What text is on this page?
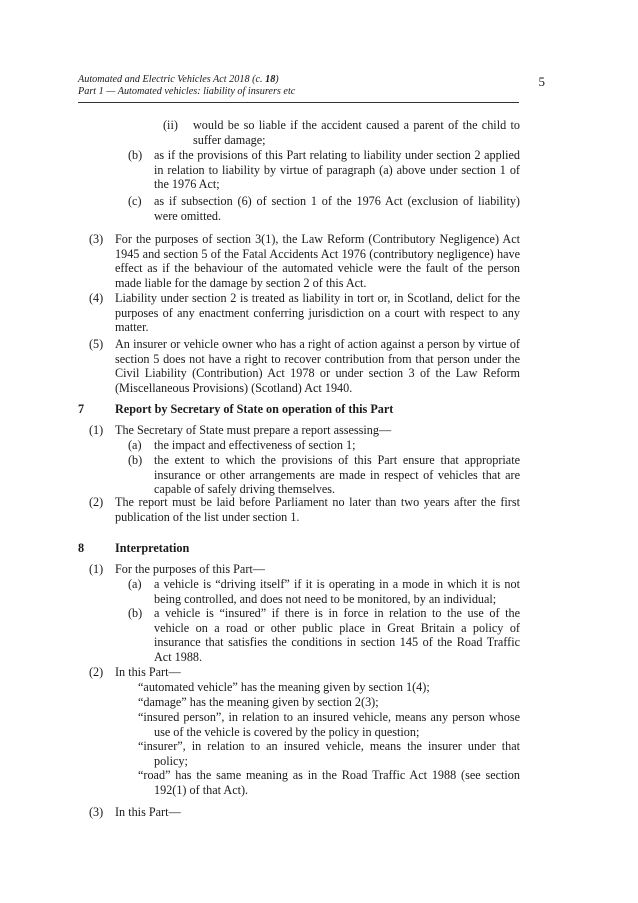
Automated and Electric Vehicles Act 2018 (c. 18)
Part 1 — Automated vehicles: liability of insurers etc
5
(ii) would be so liable if the accident caused a parent of the child to suffer damage;
(b) as if the provisions of this Part relating to liability under section 2 applied in relation to liability by virtue of paragraph (a) above under section 1 of the 1976 Act;
(c) as if subsection (6) of section 1 of the 1976 Act (exclusion of liability) were omitted.
(3) For the purposes of section 3(1), the Law Reform (Contributory Negligence) Act 1945 and section 5 of the Fatal Accidents Act 1976 (contributory negligence) have effect as if the behaviour of the automated vehicle were the fault of the person made liable for the damage by section 2 of this Act.
(4) Liability under section 2 is treated as liability in tort or, in Scotland, delict for the purposes of any enactment conferring jurisdiction on a court with respect to any matter.
(5) An insurer or vehicle owner who has a right of action against a person by virtue of section 5 does not have a right to recover contribution from that person under the Civil Liability (Contribution) Act 1978 or under section 3 of the Law Reform (Miscellaneous Provisions) (Scotland) Act 1940.
7	Report by Secretary of State on operation of this Part
(1) The Secretary of State must prepare a report assessing—
(a) the impact and effectiveness of section 1;
(b) the extent to which the provisions of this Part ensure that appropriate insurance or other arrangements are made in respect of vehicles that are capable of safely driving themselves.
(2) The report must be laid before Parliament no later than two years after the first publication of the list under section 1.
8	Interpretation
(1) For the purposes of this Part—
(a) a vehicle is “driving itself” if it is operating in a mode in which it is not being controlled, and does not need to be monitored, by an individual;
(b) a vehicle is “insured” if there is in force in relation to the use of the vehicle on a road or other public place in Great Britain a policy of insurance that satisfies the conditions in section 145 of the Road Traffic Act 1988.
(2) In this Part—
“automated vehicle” has the meaning given by section 1(4);
“damage” has the meaning given by section 2(3);
“insured person”, in relation to an insured vehicle, means any person whose use of the vehicle is covered by the policy in question;
“insurer”, in relation to an insured vehicle, means the insurer under that policy;
“road” has the same meaning as in the Road Traffic Act 1988 (see section 192(1) of that Act).
(3) In this Part—
